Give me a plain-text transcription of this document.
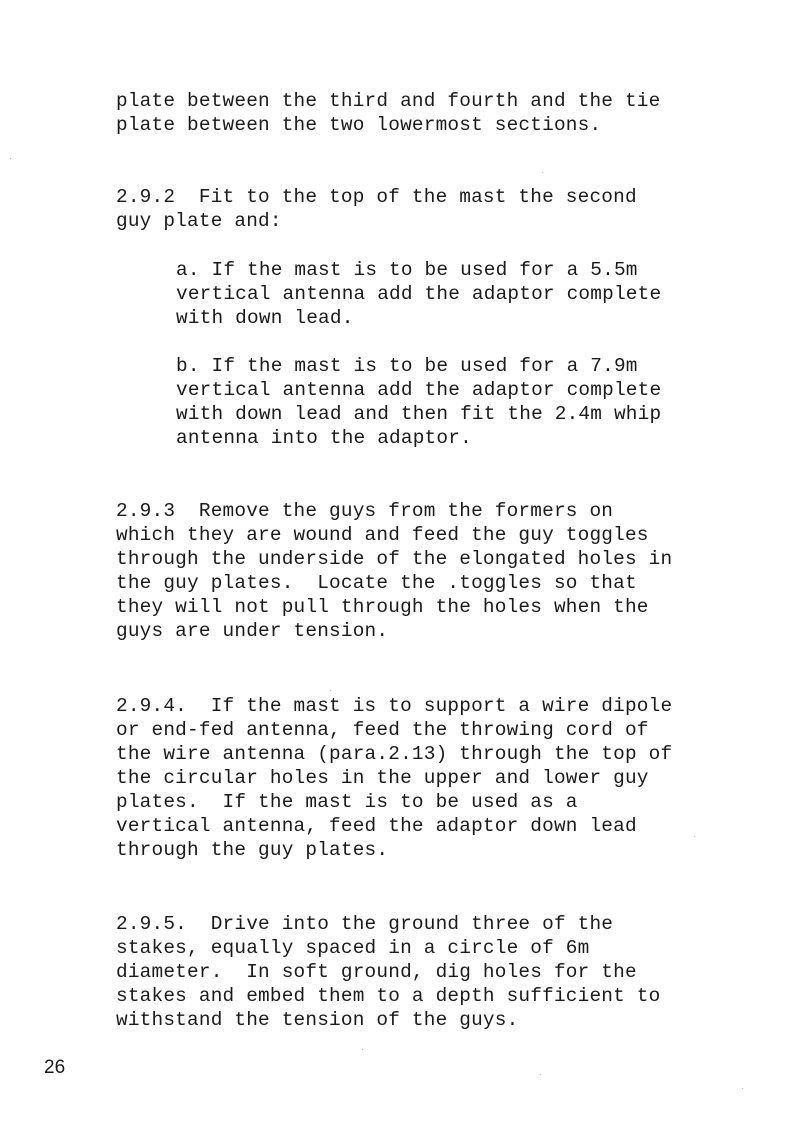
plate between the third and fourth and the tie
plate between the two lowermost sections.
2.9.2  Fit to the top of the mast the second
guy plate and:
a. If the mast is to be used for a 5.5m
vertical antenna add the adaptor complete
with down lead.
b. If the mast is to be used for a 7.9m
vertical antenna add the adaptor complete
with down lead and then fit the 2.4m whip
antenna into the adaptor.
2.9.3  Remove the guys from the formers on
which they are wound and feed the guy toggles
through the underside of the elongated holes in
the guy plates.  Locate the .toggles so that
they will not pull through the holes when the
guys are under tension.
2.9.4.  If the mast is to support a wire dipole
or end-fed antenna, feed the throwing cord of
the wire antenna (para.2.13) through the top of
the circular holes in the upper and lower guy
plates.  If the mast is to be used as a
vertical antenna, feed the adaptor down lead
through the guy plates.
2.9.5.  Drive into the ground three of the
stakes, equally spaced in a circle of 6m
diameter.  In soft ground, dig holes for the
stakes and embed them to a depth sufficient to
withstand the tension of the guys.
26
